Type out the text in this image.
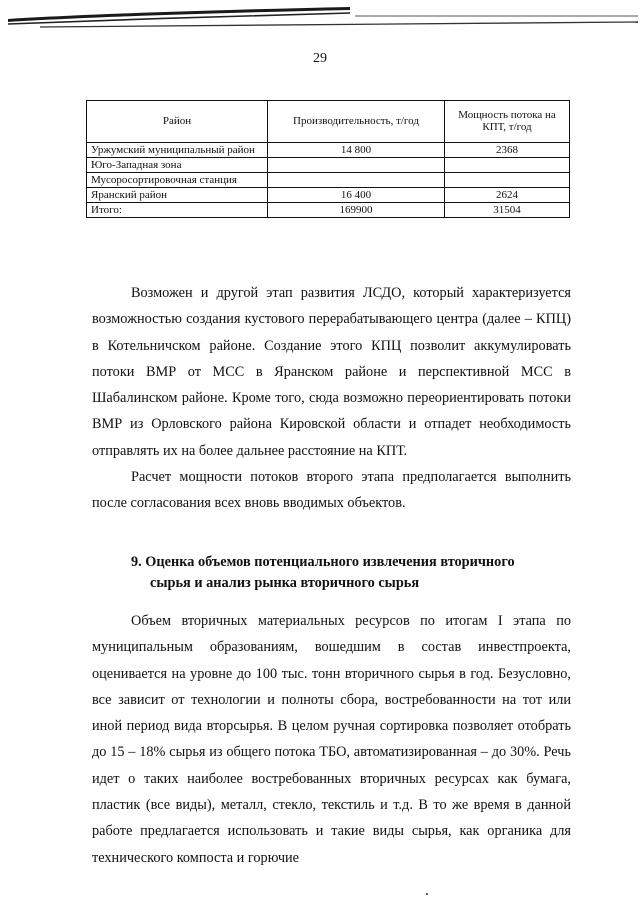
29
Район	Производительность, т/год	Мощность потока на КПТ, т/год
Уржумский муниципальный район	14 800	2368
Юго-Западная зона		
Мусоросортировочная станция		
Яранский район	16 400	2624
Итого:	169900	31504

Возможен и другой этап развития ЛСДО, который характеризуется возможностью создания кустового перерабатывающего центра (далее – КПЦ) в Котельничском районе. Создание этого КПЦ позволит аккумулировать потоки ВМР от МСС в Яранском районе и перспективной МСС в Шабалинском районе. Кроме того, сюда возможно переориентировать потоки ВМР из Орловского района Кировской области и отпадет необходимость отправлять их на более дальнее расстояние на КПТ.

Расчет мощности потоков второго этапа предполагается выполнить после согласования всех вновь вводимых объектов.

9. Оценка объемов потенциального извлечения вторичного
сырья и анализ рынка вторичного сырья

Объем вторичных материальных ресурсов по итогам I этапа по муниципальным образованиям, вошедшим в состав инвестпроекта, оценивается на уровне до 100 тыс. тонн вторичного сырья в год. Безусловно, все зависит от технологии и полноты сбора, востребованности на тот или иной период вида вторсырья. В целом ручная сортировка позволяет отобрать до 15 – 18% сырья из общего потока ТБО, автоматизированная – до 30%. Речь идет о таких наиболее востребованных вторичных ресурсах как бумага, пластик (все виды), металл, стекло, текстиль и т.д. В то же время в данной работе предлагается использовать и такие виды сырья, как органика для технического компоста и горючие
